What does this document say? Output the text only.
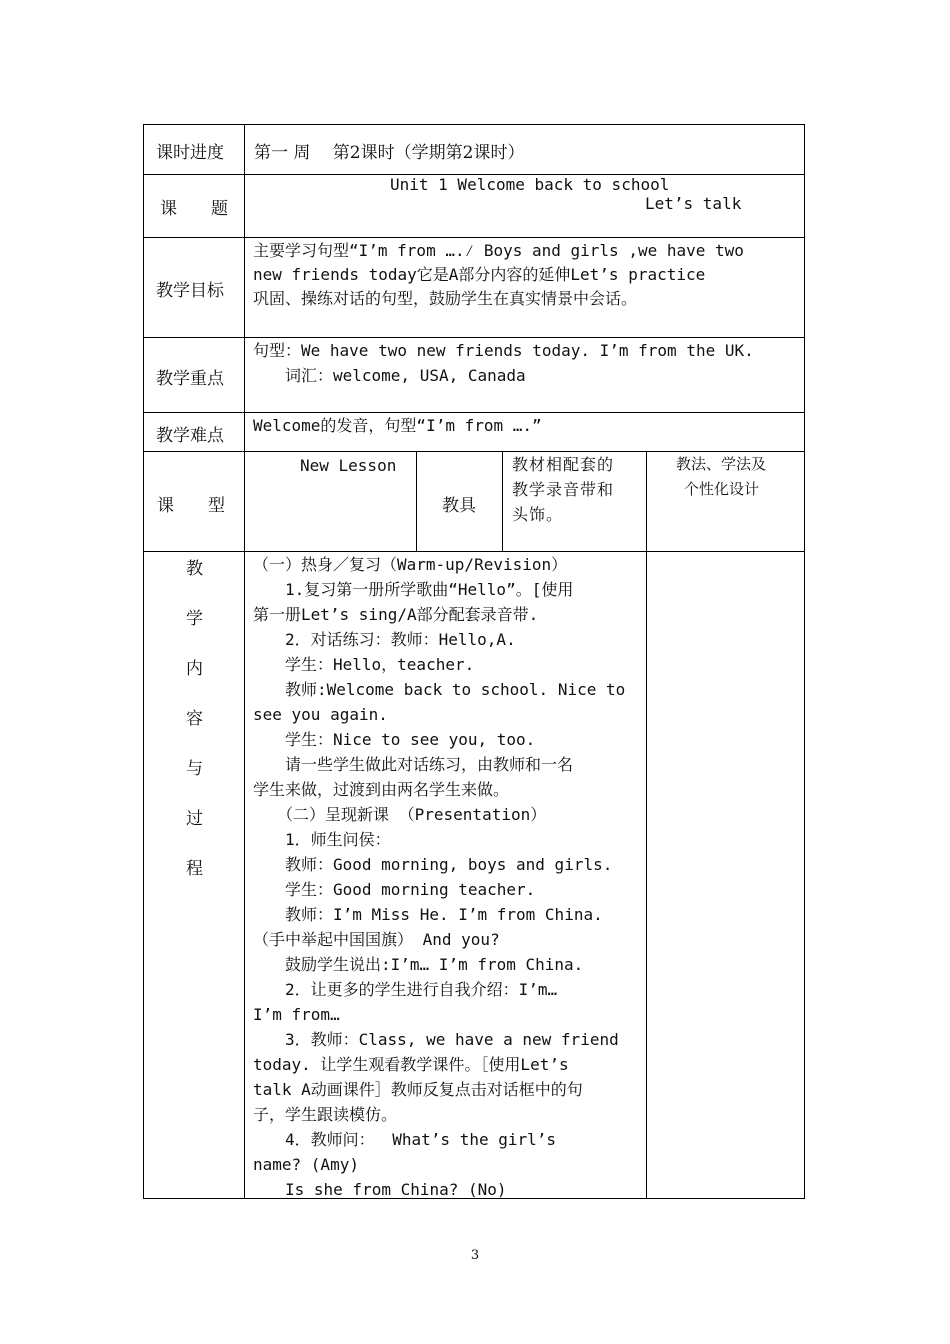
课时进度 第一 周　 第2课时（学期第2课时）
课　　题
Unit 1 Welcome back to school
Let’s talk
教学目标
主要学习句型“I’m from ….⁄ Boys and girls ,we have two
new friends today它是A部分内容的延伸Let’s practice
巩固、操练对话的句型，鼓励学生在真实情景中会话。
教学重点
句型：We have two new friends today. I’m from the UK.
　　词汇：welcome, USA, Canada
教学难点
Welcome的发音，句型“I’m from ….”
课　　型
New Lesson
教具
教材相配套的
教学录音带和
头饰。
教法、学法及
个性化设计
教
学
内
容
与
过
程
（一）热身／复习（Warm-up/Revision）
　　1.复习第一册所学歌曲“Hello”。[使用
第一册Let’s sing/A部分配套录音带.
　　2．对话练习：教师：Hello,A.
　　学生：Hello，teacher.
　　教师:Welcome back to school. Nice to
see you again.
　　学生：Nice to see you, too.
　　请一些学生做此对话练习，由教师和一名
学生来做，过渡到由两名学生来做。
　　（二）呈现新课 （Presentation）
　　1．师生问侯：
　　教师：Good morning, boys and girls.
　　学生：Good morning teacher.
　　教师：I’m Miss He. I’m from China.
（手中举起中国国旗） And you?
　　鼓励学生说出:I’m… I’m from China.
　　2．让更多的学生进行自我介绍：I’m…
I’m from…
　　3．教师：Class, we have a new friend
today. 让学生观看教学课件。［使用Let’s
talk A动画课件］教师反复点击对话框中的句
子，学生跟读模仿。
　　4．教师问：　 What’s the girl’s
name? (Amy)
　　Is she from China? (No)
3
